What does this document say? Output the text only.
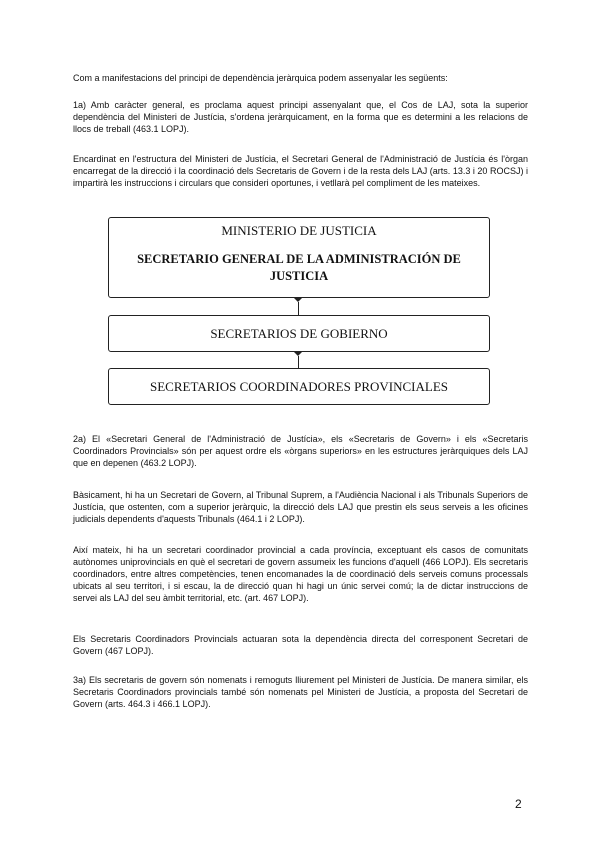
Com a manifestacions del principi de dependència jeràrquica podem assenyalar les següents:

1a) Amb caràcter general, es proclama aquest principi assenyalant que, el Cos de LAJ, sota la superior dependència del Ministeri de Justícia, s'ordena jeràrquicament, en la forma que es determini a les relacions de llocs de treball (463.1 LOPJ).

Encardinat en l'estructura del Ministeri de Justícia, el Secretari General de l'Administració de Justícia és l'òrgan encarregat de la direcció i la coordinació dels Secretaris de Govern i de la resta dels LAJ (arts. 13.3 i 20 ROCSJ) i impartirà les instruccions i circulars que consideri oportunes, i vetllarà pel compliment de les mateixes.

MINISTERIO DE JUSTICIA
SECRETARIO GENERAL DE LA ADMINISTRACIÓN DE JUSTICIA
SECRETARIOS DE GOBIERNO
SECRETARIOS COORDINADORES PROVINCIALES

2a) El «Secretari General de l'Administració de Justícia», els «Secretaris de Govern» i els «Secretaris Coordinadors Provincials» són per aquest ordre els «òrgans superiors» en les estructures jeràrquiques dels LAJ que en depenen (463.2 LOPJ).

Bàsicament, hi ha un Secretari de Govern, al Tribunal Suprem, a l'Audiència Nacional i als Tribunals Superiors de Justícia, que ostenten, com a superior jeràrquic, la direcció dels LAJ que prestin els seus serveis a les oficines judicials dependents d'aquests Tribunals (464.1 i 2 LOPJ).

Així mateix, hi ha un secretari coordinador provincial a cada província, exceptuant els casos de comunitats autònomes uniprovincials en què el secretari de govern assumeix les funcions d'aquell (466 LOPJ). Els secretaris coordinadors, entre altres competències, tenen encomanades la de coordinació dels serveis comuns processals ubicats al seu territori, i si escau, la de direcció quan hi hagi un únic servei comú; la de dictar instruccions de servei als LAJ del seu àmbit territorial, etc. (art. 467 LOPJ).

Els Secretaris Coordinadors Provincials actuaran sota la dependència directa del corresponent Secretari de Govern (467 LOPJ).

3a) Els secretaris de govern són nomenats i remoguts lliurement pel Ministeri de Justícia. De manera similar, els Secretaris Coordinadors provincials també són nomenats pel Ministeri de Justícia, a proposta del Secretari de Govern (arts. 464.3 i 466.1 LOPJ).

2
